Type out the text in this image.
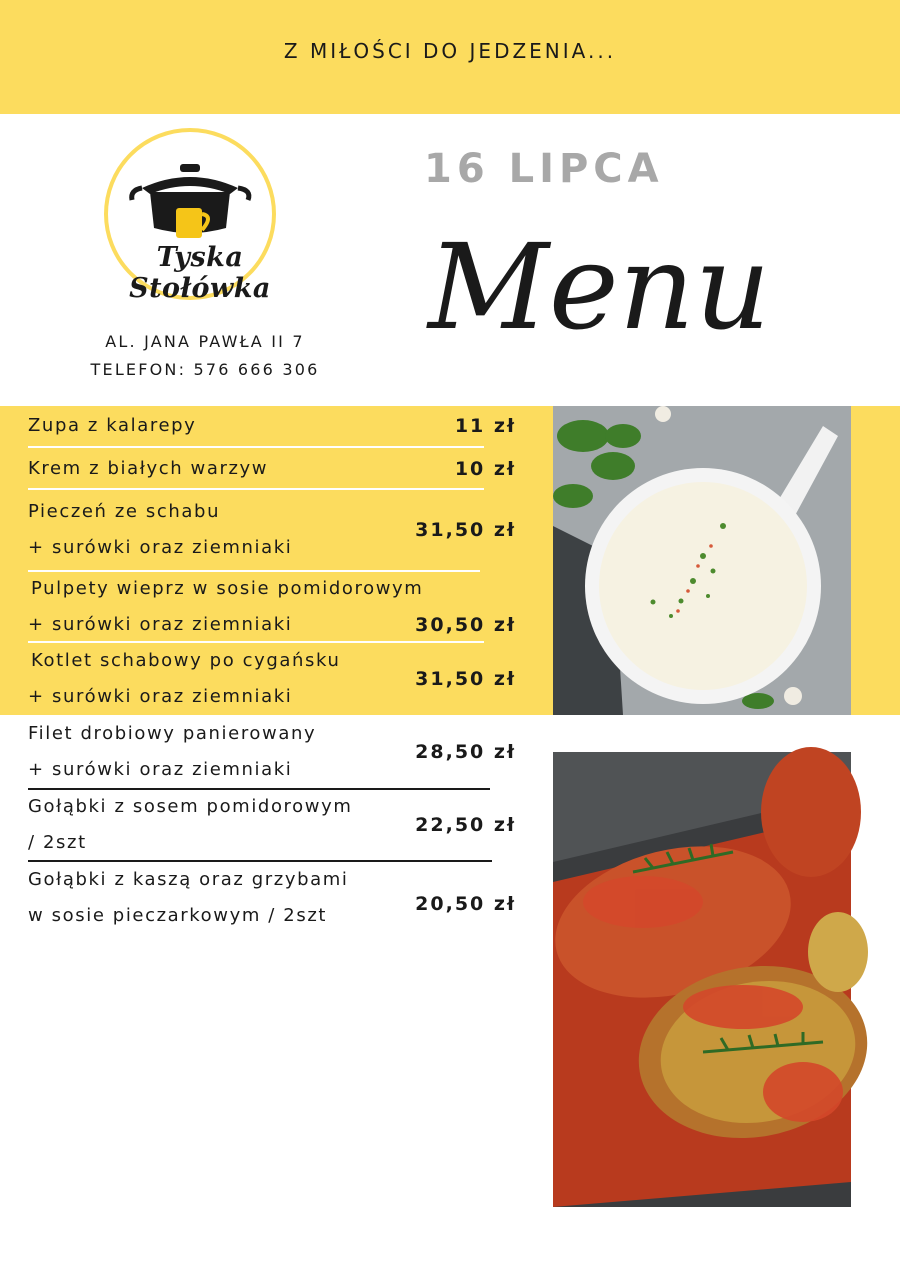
Z MIŁOŚCI DO JEDZENIA...
Tyska Stołówka
AL. JANA PAWŁA II 7
TELEFON: 576 666 306
16 LIPCA
Menu
Zupa z kalarepy	11 zł
Krem z białych warzyw	10 zł
Pieczeń ze schabu
+ surówki oraz ziemniaki
31,50 zł
Pulpety wieprz w sosie pomidorowym
+ surówki oraz ziemniaki	30,50 zł
Kotlet schabowy po cygańsku
+ surówki oraz ziemniaki
31,50 zł
Filet drobiowy panierowany
+ surówki oraz ziemniaki
28,50 zł
Gołąbki z sosem pomidorowym
/ 2szt
22,50 zł
Gołąbki z kaszą oraz grzybami
w sosie pieczarkowym / 2szt
20,50 zł
